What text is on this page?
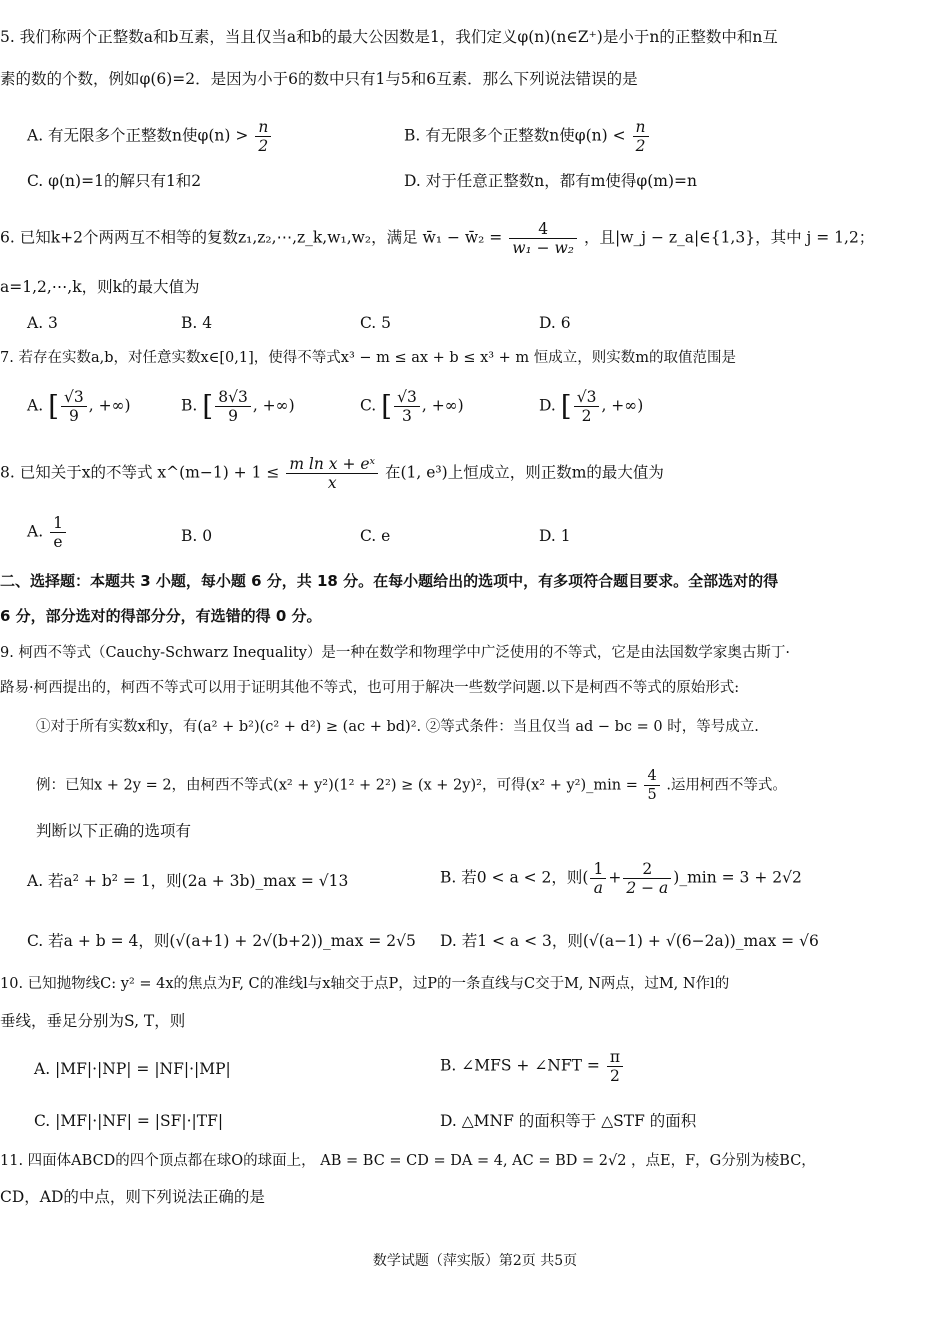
5. 我们称两个正整数a和b互素，当且仅当a和b的最大公因数是1，我们定义φ(n)(n∈Z⁺)是小于n的正整数中和n互
素的数的个数，例如φ(6)=2．是因为小于6的数中只有1与5和6互素．那么下列说法错误的是
A. 有无限多个正整数n使$\varphi(n) > \frac{n}{2}$	B. 有无限多个正整数n使$\varphi(n) < \frac{n}{2}$
C. φ(n)=1的解只有1和2	D. 对于任意正整数n，都有m使得φ(m)=n
6. 已知k+2个两两互不相等的复数z₁,z₂,⋯,z_k,w₁,w₂，满足 w̄₁ − w̄₂ = $\frac{4}{\text{w₁ − w₂}}$ ，且|w_j − z_a|∈{1,3}，其中 j = 1,2；
a=1,2,⋯,k，则k的最大值为
A. 3	B. 4	C. 5	D. 6
7. 若存在实数a,b，对任意实数x∈[0,1]，使得不等式x³ − m ≤ ax + b ≤ x³ + m 恒成立，则实数m的取值范围是
A. [ $\frac{√3}{9}$ , +∞)	B. [ $\frac{8√3}{9}$ , +∞)	C. [ $\frac{√3}{3}$ , +∞)	D. [ $\frac{√3}{2}$ , +∞)
8. 已知关于x的不等式 x^(m−1) + $1 \le \frac{\text{m ln x + eˣ}}{x}$ 在(1, e³)上恒成立，则正数m的最大值为
A. $\frac{1}{e}$	B. 0	C. e	D. 1
二、选择题：本题共 3 小题，每小题 6 分，共 18 分。在每小题给出的选项中，有多项符合题目要求。全部选对的得
6 分，部分选对的得部分分，有选错的得 0 分。
9. 柯西不等式（Cauchy-Schwarz Inequality）是一种在数学和物理学中广泛使用的不等式，它是由法国数学家奥古斯丁·
路易·柯西提出的，柯西不等式可以用于证明其他不等式，也可用于解决一些数学问题.以下是柯西不等式的原始形式:
①对于所有实数x和y，有(a² + b²)(c² + d²) ≥ (ac + bd)². ②等式条件：当且仅当 ad − bc = 0 时，等号成立.
例：已知x + 2y = 2，由柯西不等式(x² + y²)(1² + 2²) ≥ (x + 2y)²，可得(x² + y²)_min = $\frac{4}{5}$ .运用柯西不等式。
判断以下正确的选项有
A. 若a² + b² = 1，则(2a + 3b)_max = √13	B. 若0 < a < 2，则( $\frac{1}{a} + \frac{2}{2 - a}$ )_min = 3 + 2√2
C. 若a + b = 4，则(√(a+1) + 2√(b+2))_max = 2√5 D. 若1 < a < 3，则(√(a−1) + √(6−2a))_max = √6
10. 已知抛物线C: y² = 4x的焦点为F, C的准线l与x轴交于点P，过P的一条直线与C交于M, N两点，过M, N作l的
垂线，垂足分别为S, T，则
A. |MF|·|NP| = |NF|·|MP|	B. ∠MFS + ∠NFT = $\frac{\pi}{2}$
C. |MF|·|NF| = |SF|·|TF|	D. △MNF 的面积等于 △STF 的面积
11. 四面体ABCD的四个顶点都在球O的球面上， AB = BC = CD = DA = 4, AC = BD = 2√2 ，点E，F，G分别为棱BC，
CD，AD的中点，则下列说法正确的是
数学试题（萍实版）第2页 共5页
